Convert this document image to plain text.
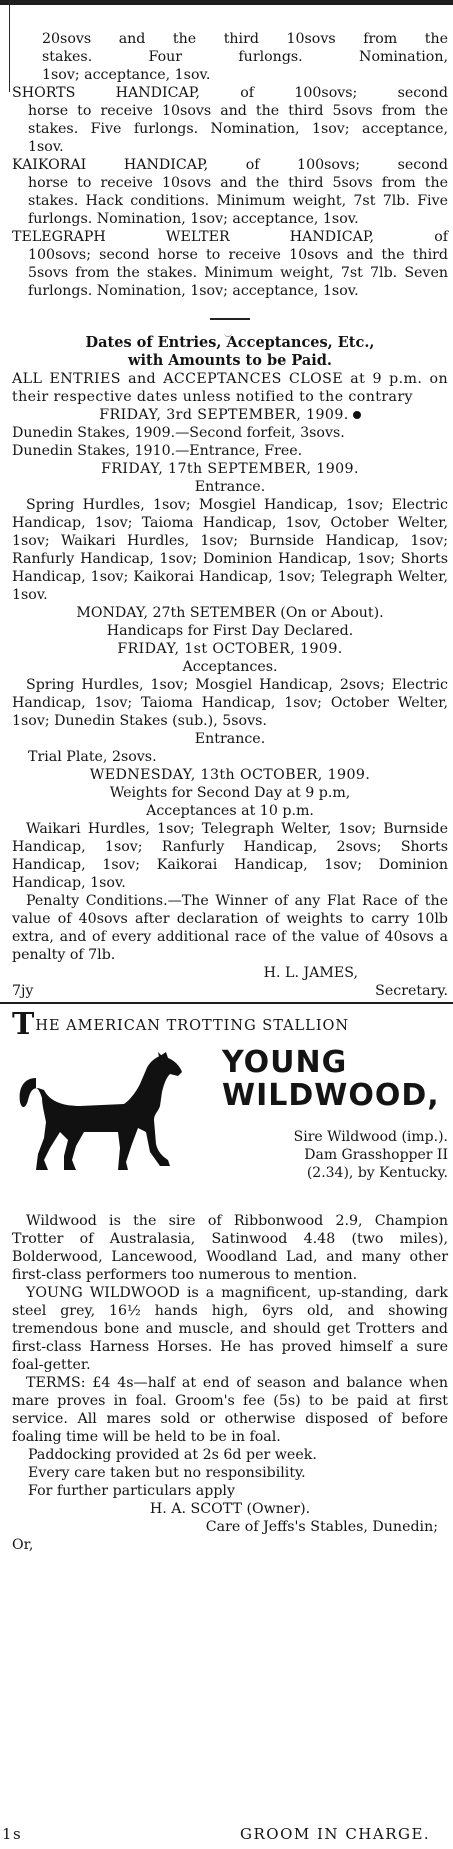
20sovs and the third 10sovs from the

stakes. Four furlongs. Nomination,

1sov; acceptance, 1sov.

SHORTS HANDICAP, of 100sovs; second

horse to receive 10sovs and the third 5sovs from the stakes. Five furlongs. Nomination, 1sov; acceptance, 1sov.

KAIKORAI HANDICAP, of 100sovs; second

horse to receive 10sovs and the third 5sovs from the stakes. Hack conditions. Minimum weight, 7st 7lb. Five furlongs. Nomination, 1sov; acceptance, 1sov.

TELEGRAPH WELTER HANDICAP, of

100sovs; second horse to receive 10sovs and the third 5sovs from the stakes. Minimum weight, 7st 7lb. Seven furlongs. Nomination, 1sov; acceptance, 1sov.

Dates of Entries, Acceptances, Etc.,

with Amounts to be Paid.

ALL ENTRIES and ACCEPTANCES CLOSE at 9 p.m. on their respective dates unless notified to the contrary

FRIDAY, 3rd SEPTEMBER, 1909.

Dunedin Stakes, 1909.—Second forfeit, 3sovs.

Dunedin Stakes, 1910.—Entrance, Free.

FRIDAY, 17th SEPTEMBER, 1909.

Entrance.

Spring Hurdles, 1sov; Mosgiel Handicap, 1sov; Electric Handicap, 1sov; Taioma Handicap, 1sov, October Welter, 1sov; Waikari Hurdles, 1sov; Burnside Handicap, 1sov; Ranfurly Handicap, 1sov; Dominion Handicap, 1sov; Shorts Handicap, 1sov; Kaikorai Handicap, 1sov; Telegraph Welter, 1sov.

MONDAY, 27th SETEMBER (On or About).

Handicaps for First Day Declared.

FRIDAY, 1st OCTOBER, 1909.

Acceptances.

Spring Hurdles, 1sov; Mosgiel Handicap, 2sovs; Electric Handicap, 1sov; Taioma Handicap, 1sov; October Welter, 1sov; Dunedin Stakes (sub.), 5sovs.

Entrance.

Trial Plate, 2sovs.

WEDNESDAY, 13th OCTOBER, 1909.

Weights for Second Day at 9 p.m,

Acceptances at 10 p.m.

Waikari Hurdles, 1sov; Telegraph Welter, 1sov; Burnside Handicap, 1sov; Ranfurly Handicap, 2sovs; Shorts Handicap, 1sov; Kaikorai Handicap, 1sov; Dominion Handicap, 1sov.

Penalty Conditions.—The Winner of any Flat Race of the value of 40sovs after declaration of weights to carry 10lb extra, and of every additional race of the value of 40sovs a penalty of 7lb.

H. L. JAMES,

7jy	Secretary.

THE AMERICAN TROTTING STALLION
YOUNG
WILDWOOD,

Sire Wildwood (imp.).

Dam Grasshopper II

(2.34), by Kentucky.

Wildwood is the sire of Ribbonwood 2.9, Champion Trotter of Australasia, Satinwood 4.48 (two miles), Bolderwood, Lancewood, Woodland Lad, and many other first-class performers too numerous to mention.

YOUNG WILDWOOD is a magnificent, up-standing, dark steel grey, 16½ hands high, 6yrs old, and showing tremendous bone and muscle, and should get Trotters and first-class Harness Horses. He has proved himself a sure foal-getter.

TERMS: £4 4s—half at end of season and balance when mare proves in foal. Groom's fee (5s) to be paid at first service. All mares sold or otherwise disposed of before foaling time will be held to be in foal.

Paddocking provided at 2s 6d per week.

Every care taken but no responsibility.

For further particulars apply

H. A. SCOTT (Owner).

Care of Jeffs's Stables, Dunedin;

Or,

1s	GROOM IN CHARGE.
